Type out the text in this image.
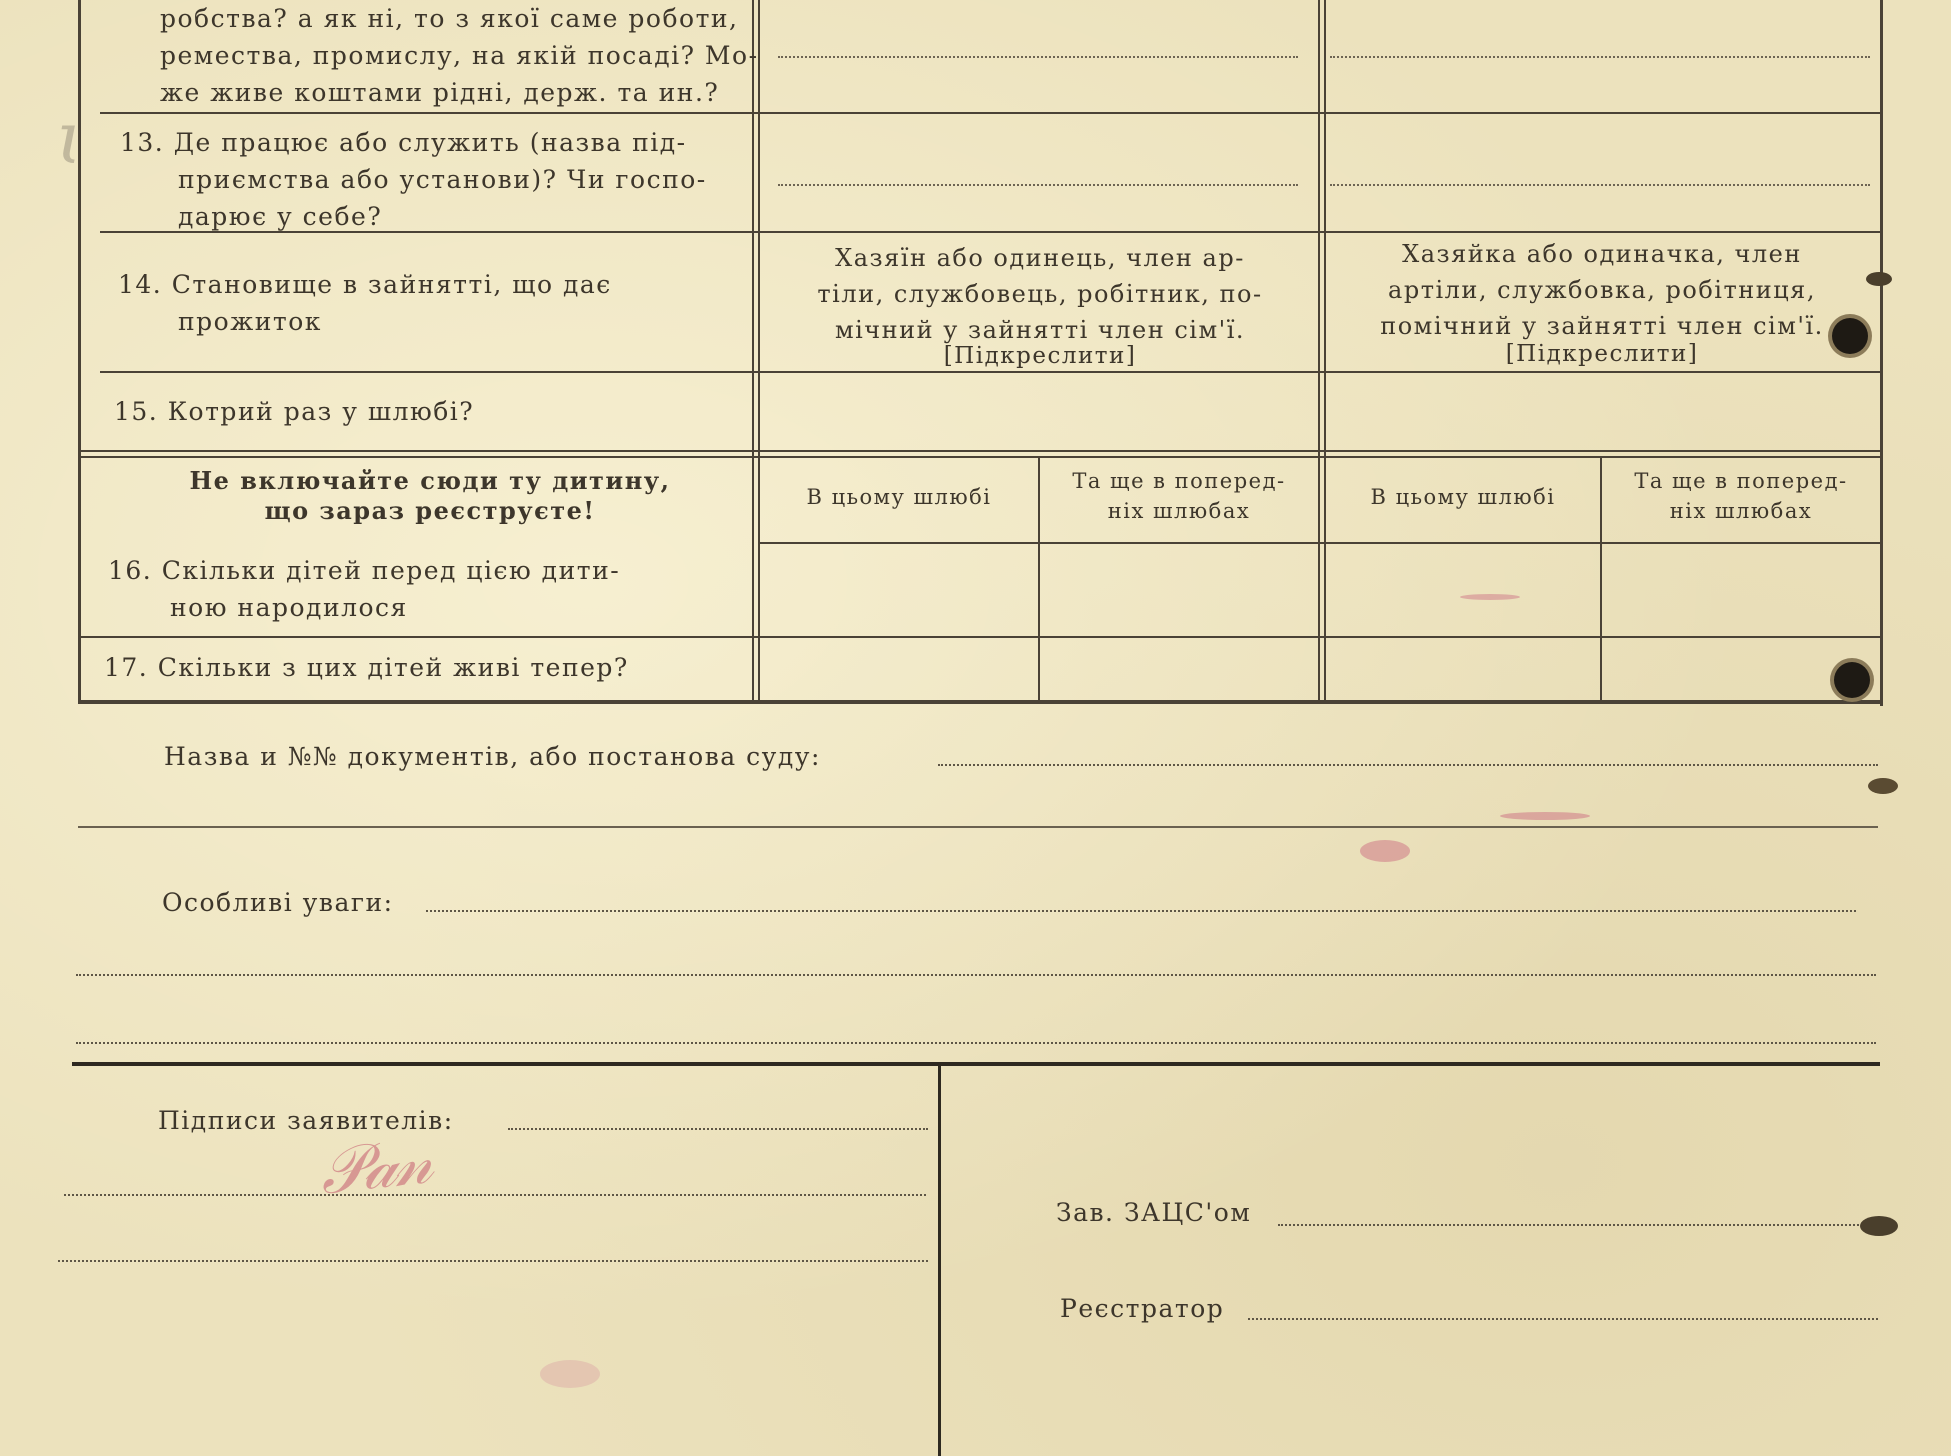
робства? а як ні, то з якої саме роботи,
ремества, промислу, на якій посаді? Мо-
же живе коштами рідні, держ. та ин.?
13. Де працює або служить (назва під-
приємства або установи)? Чи госпо-
дарює у себе?
14. Становище в зайнятті, що дає
прожиток
Хазяїн або одинець, член ар-
тіли, службовець, робітник, по-
мічний у зайнятті член сім'ї.
[Підкреслити]
Хазяйка або одиначка, член
артіли, службовка, робітниця,
помічний у зайнятті член сім'ї.
[Підкреслити]
15. Котрий раз у шлюбі?
Не включайте сюди ту дитину,
що зараз реєструєте!	В цьому шлюбі
Та ще в поперед-
ніх шлюбах
В цьому шлюбі
Та ще в поперед-
ніх шлюбах
16. Скільки дітей перед цією дити-
ною народилося
17. Скільки з цих дітей живі тепер?
Назва и №№ документів, або постанова суду:
Особливі уваги:
Підписи заявителів:
𝒫𝒶𝓃
Зав. ЗАЦС'ом
Реєстратор
ɩ
